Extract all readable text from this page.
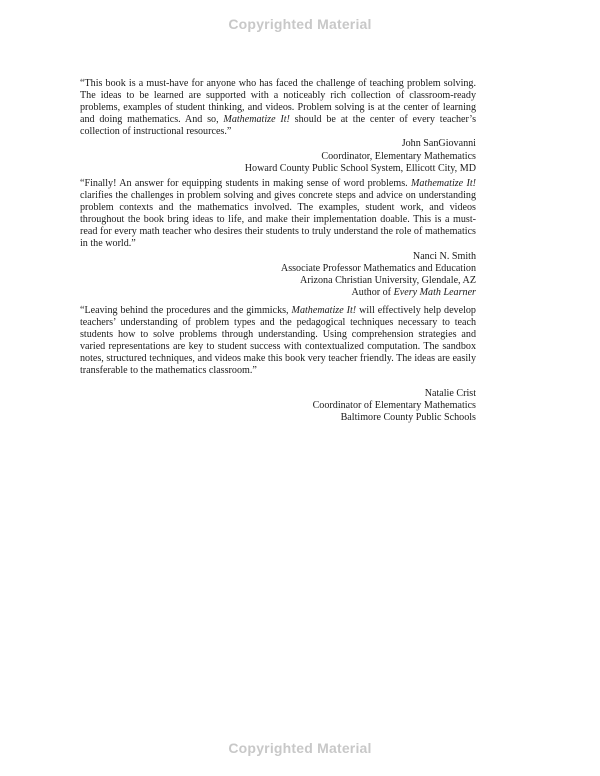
Copyrighted Material

“This book is a must-have for anyone who has faced the challenge of teaching problem solving. The ideas to be learned are supported with a noticeably rich collection of classroom-ready problems, examples of student thinking, and videos. Problem solving is at the center of learning and doing mathematics. And so, Mathematize It! should be at the center of every teacher’s collection of instructional resources.”

John SanGiovanni
Coordinator, Elementary Mathematics
Howard County Public School System, Ellicott City, MD

“Finally! An answer for equipping students in making sense of word problems. Mathematize It! clarifies the challenges in problem solving and gives concrete steps and advice on understanding problem contexts and the mathematics involved. The examples, student work, and videos throughout the book bring ideas to life, and make their implementation doable. This is a must-read for every math teacher who desires their students to truly understand the role of mathematics in the world.”

Nanci N. Smith
Associate Professor Mathematics and Education
Arizona Christian University, Glendale, AZ
Author of Every Math Learner

“Leaving behind the procedures and the gimmicks, Mathematize It! will effectively help develop teachers’ understanding of problem types and the pedagogical techniques necessary to teach students how to solve problems through understanding. Using comprehension strategies and varied representations are key to student success with contextualized computation. The sandbox notes, structured techniques, and videos make this book very teacher friendly. The ideas are easily transferable to the mathematics classroom.”

Natalie Crist
Coordinator of Elementary Mathematics
Baltimore County Public Schools
Copyrighted Material
